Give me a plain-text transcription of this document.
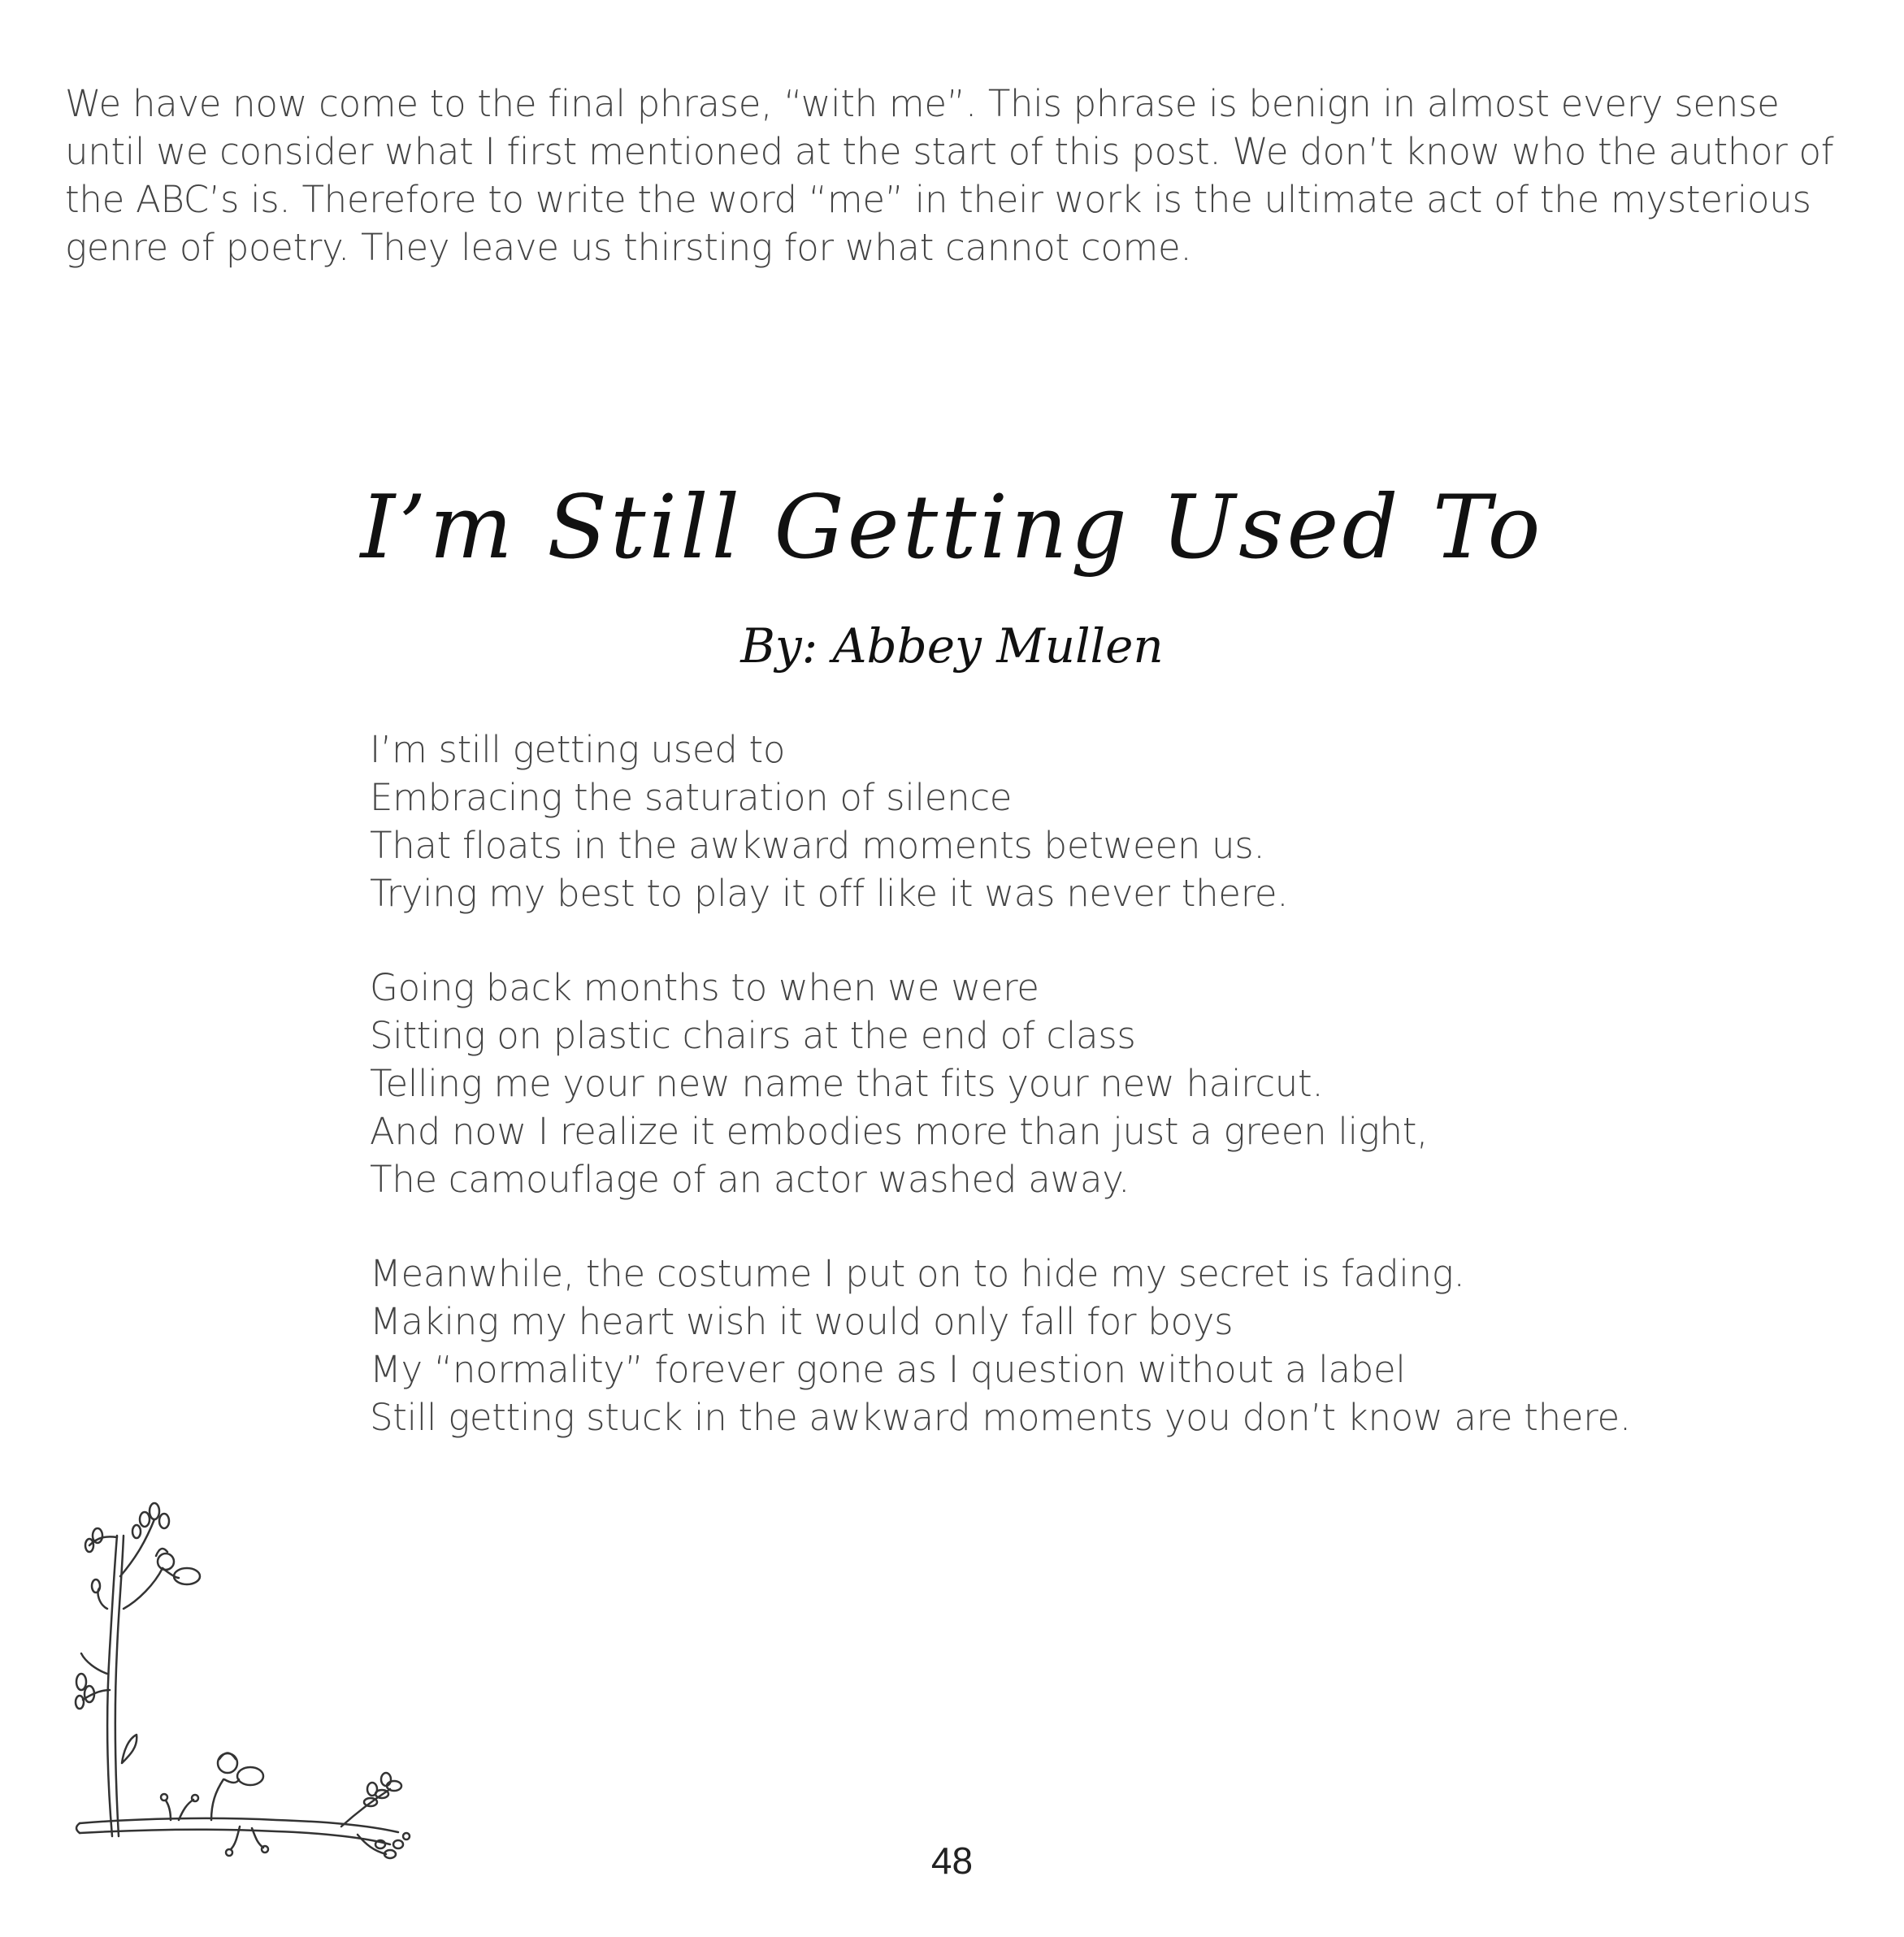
We have now come to the final phrase, “with me”. This phrase is benign in almost every sense until we consider what I first mentioned at the start of this post. We don’t know who the author of the ABC’s is. Therefore to write the word “me” in their work is the ultimate act of the mysterious genre of poetry. They leave us thirsting for what cannot come.

I’m Still Getting Used To
By: Abbey Mullen
I’m still getting used to
Embracing the saturation of silence
That floats in the awkward moments between us.
Trying my best to play it off like it was never there.
Going back months to when we were
Sitting on plastic chairs at the end of class
Telling me your new name that fits your new haircut.
And now I realize it embodies more than just a green light,
The camouflage of an actor washed away.
Meanwhile, the costume I put on to hide my secret is fading.
Making my heart wish it would only fall for boys
My “normality” forever gone as I question without a label
Still getting stuck in the awkward moments you don’t know are there.
48
